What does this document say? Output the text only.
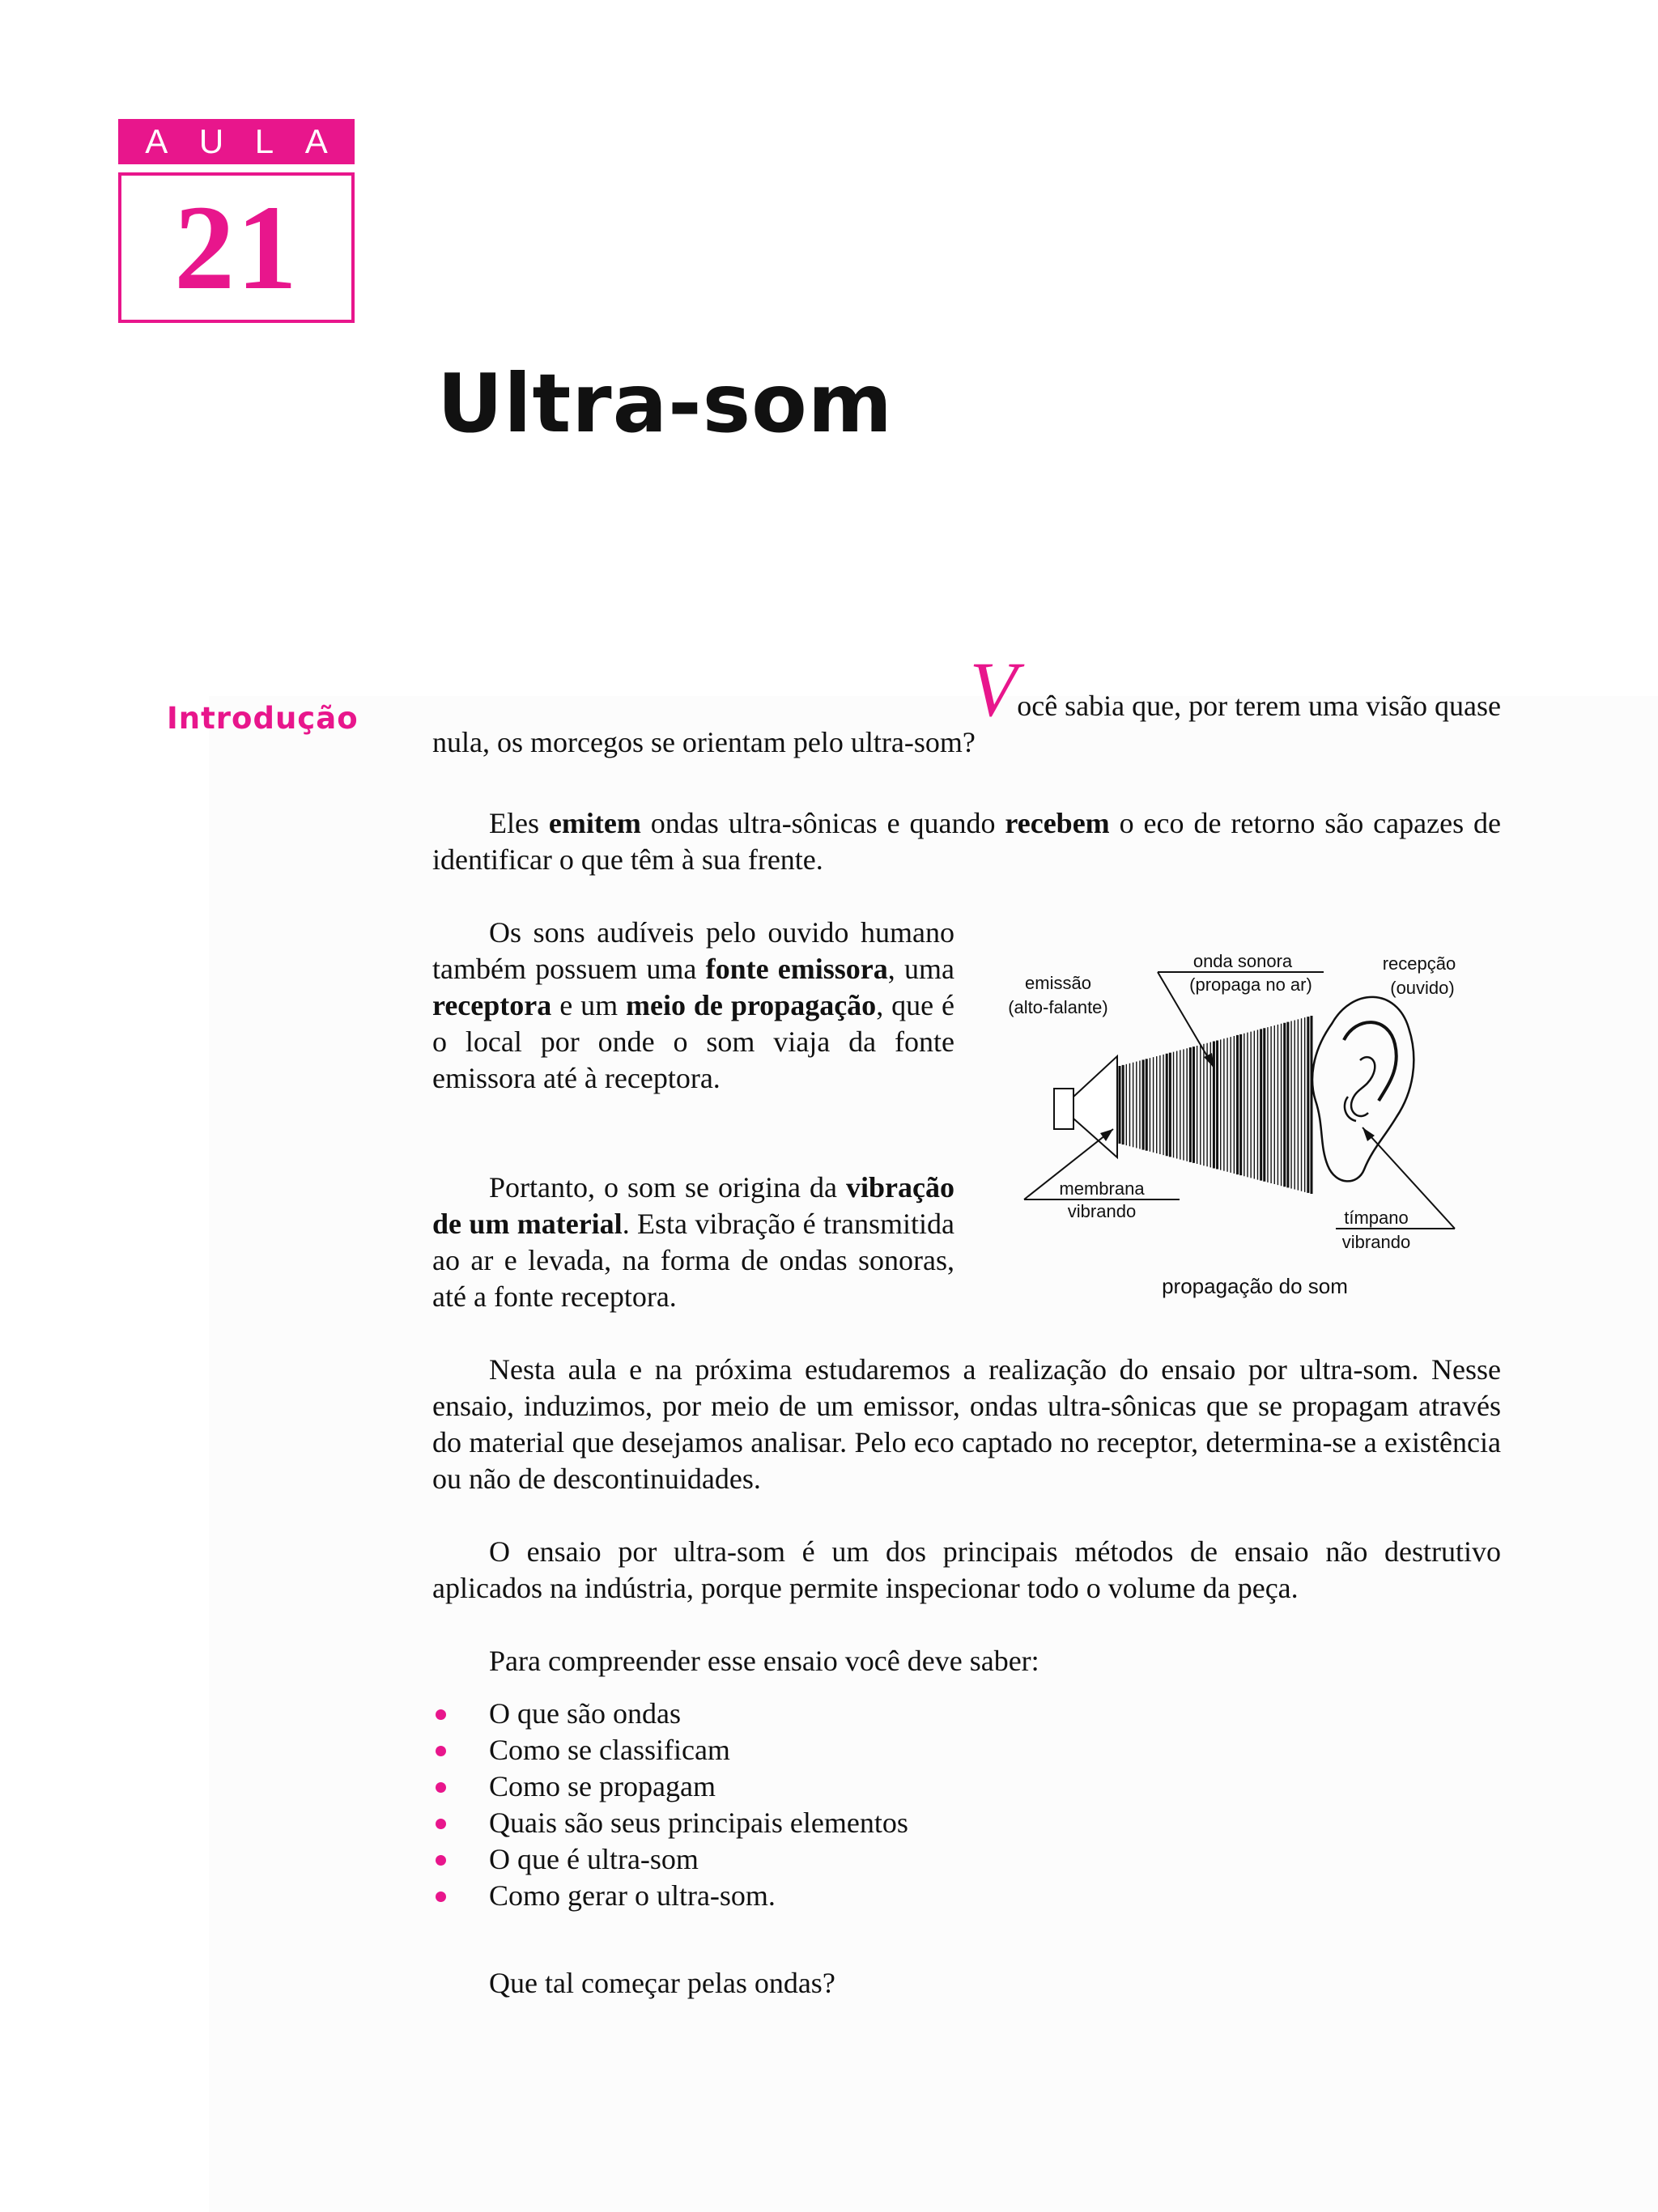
A U L A
21
Ultra-som
Introdução	Você sabia que, por terem uma visão quase
nula, os morcegos se orientam pelo ultra-som?

Eles emitem ondas ultra-sônicas e quando recebem o eco de retorno são capazes de identificar o que têm à sua frente.

Os sons audíveis pelo ouvido humano também possuem uma fonte emissora, uma receptora e um meio de propagação, que é o local por onde o som viaja da fonte emissora até à receptora.

Portanto, o som se origina da vibração de um material. Esta vibração é transmitida ao ar e levada, na forma de ondas sonoras, até a fonte receptora.

emissão
(alto-falante)
onda sonora
(propaga no ar)
recepção
(ouvido)
membrana
vibrando	tímpano
vibrando
propagação do som

Nesta aula e na próxima estudaremos a realização do ensaio por ultra-som. Nesse ensaio, induzimos, por meio de um emissor, ondas ultra-sônicas que se propagam através do material que desejamos analisar. Pelo eco captado no receptor, determina-se a existência ou não de descontinuidades.

O ensaio por ultra-som é um dos principais métodos de ensaio não destrutivo aplicados na indústria, porque permite inspecionar todo o volume da peça.

Para compreender esse ensaio você deve saber:

O que são ondas
Como se classificam
Como se propagam
Quais são seus principais elementos
O que é ultra-som
Como gerar o ultra-som.

Que tal começar pelas ondas?
